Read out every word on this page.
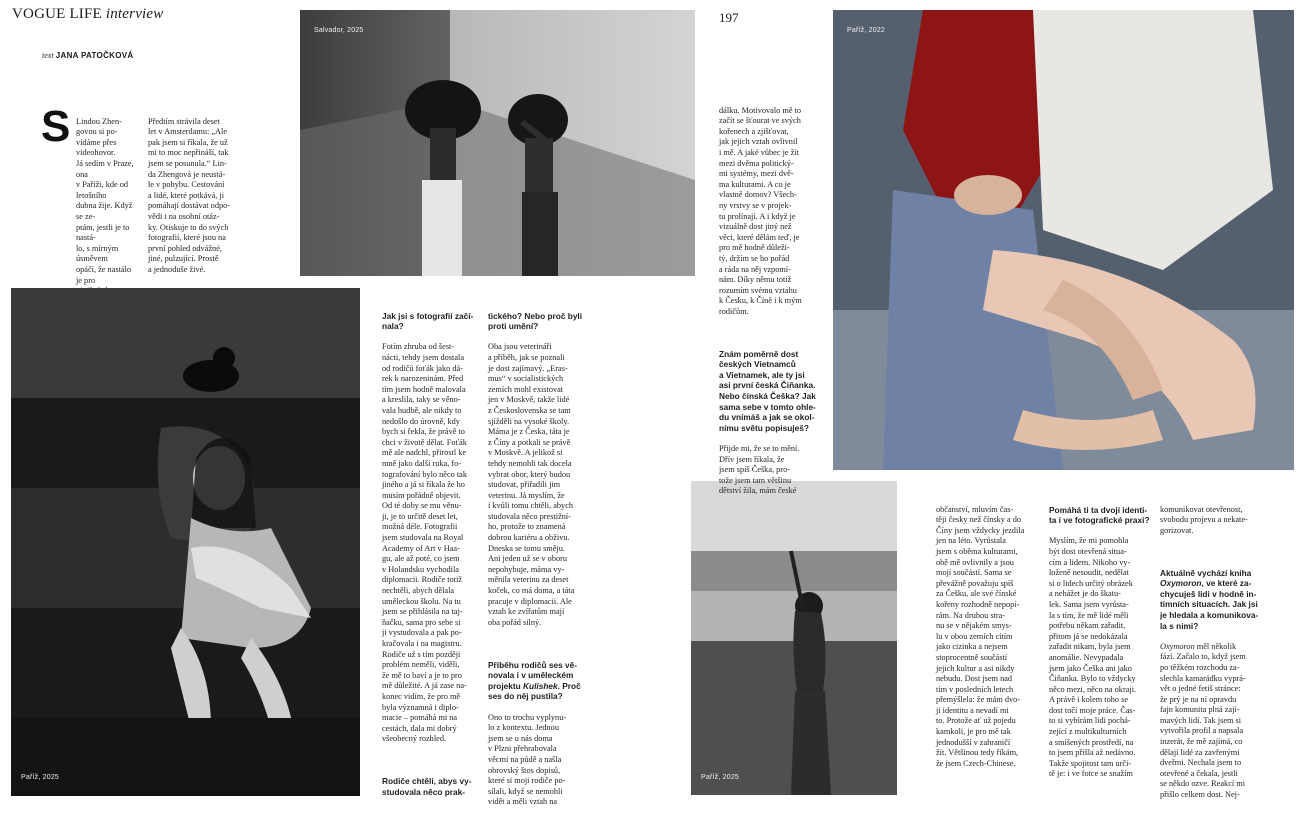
VOGUE LIFE interview
text JANA PATOČKOVÁ
197
S Lindou Zhen-
govou si po-
vídáme přes
videohovor.
Já sedím v Praze, ona
v Paříži, kde od letošního
dubna žije. Když se ze-
ptám, jestli je to nastá-
lo, s mírným úsměvem
opáčí, že nastálo je pro

Předtím strávila deset
let v Amsterdamu: „Ale
pak jsem si říkala, že už
mi to moc nepřináší, tak
jsem se posunula.“ Lin-
da Zhengová je neustá-
le v pohybu. Cestování
a lidé, které potkává, ji
pomáhají dostávat odpo-
vědi i na osobní otáz-
ky. Otiskuje to do svých
fotografií, které jsou na
první pohled odvážné,
jiné, pulzující. Prostě
a jednoduše živé.

Salvador, 2025	Paříž, 2022
Paříž, 2025	Paříž, 2025

Jak jsi s fotografií začí-
nala?

Fotím zhruba od šest-
nácti, tehdy jsem dostala
od rodičů foťák jako dá-
rek k narozeninám. Před
tím jsem hodně malovala
a kreslila, taky se věno-
vala hudbě, ale nikdy to
nedošlo do úrovně, kdy
bych si řekla, že právě to
chci v životě dělat. Foťák
mě ale nadchl, přirostl ke
mně jako další ruka, fo-
tografování bylo něco tak
jiného a já si říkala že ho
musím pořádně objevit.
Od té doby se mu věnu-
ji, je to určitě deset let,
možná déle. Fotografii
jsem studovala na Royal
Academy of Art v Haa-
gu, ale až poté, co jsem
v Holandsku vychodila
diplomacii. Rodiče totiž
nechtěli, abych dělala
uměleckou školu. Na tu
jsem se přihlásila na taj-
ňačku, sama pro sebe si
ji vystudovala a pak po-
kračovala i na magistru.
Rodiče už s tím později
problém neměli, viděli,
že mě to baví a je to pro
mě důležité. A já zase na-
konec vidím, že pro mě
byla významná i diplo-
macie – pomáhá mi na
cestách, dala mi dobrý
všeobecný rozhled.

Rodiče chtěli, abys vy-
studovala něco prak-

tického? Nebo proč byli
proti umění?

Oba jsou veterináři
a příběh, jak se poznali
je dost zajímavý. „Eras-
mus“ v socialistických
zemích mohl existovat
jen v Moskvě, takže lidé
z Československa se tam
sjížděli na vysoké školy.
Máma je z Česka, táta je
z Číny a potkali se právě
v Moskvě. A jelikož si
tehdy nemohli tak docela
vybrat obor, který budou
studovat, přiřadili jim
veterinu. Já myslím, že
i kvůli tomu chtěli, abych
studovala něco prestižní-
ho, protože to znamená
dobrou kariéru a obživu.
Dneska se tomu směju.
Ani jeden už se v oboru
nepohybuje, máma vy-
měnila veterinu za deset
koček, co má doma, a táta
pracuje v diplomacii. Ale
vztah ke zvířatům mají
oba pořád silný.

Příběhu rodičů ses vě-
novala i v uměleckém
projektu Kulishek. Proč
ses do něj pustila?

Ono to trochu vyplynu-
lo z kontextu. Jednou
jsem se u nás doma
v Plzni přehrabovala
věcmi na půdě a našla
obrovský štos dopisů,
které si moji rodiče po-
sílali, když se nemohli
vidět a měli vztah na

dálku. Motivovalo mě to
začít se šťourat ve svých
kořenech a zjišťovat,
jak jejich vztah ovlivnil
i mě. A jaké vůbec je žít
mezi dvěma politický-
mi systémy, mezi dvě-
ma kulturami. A co je
vlastně domov? Všech-
ny vrstvy se v projek-
tu prolínají. A i když je
vizuálně dost jiný než
věci, které dělám teď, je
pro mě hodně důleži-
tý, držím se ho pořád
a ráda na něj vzpomí-
nám. Díky němu totiž
rozumím svému vztahu
k Česku, k Číně i k mým
rodičům.

Znám poměrně dost
českých Vietnamců
a Vietnamek, ale ty jsi
asi první česká Čiňanka.
Nebo čínská Češka? Jak
sama sebe v tomto ohle-
du vnímáš a jak se okol-
nímu světu popisuješ?

Přijde mi, že se to mění.
Dřív jsem říkala, že
jsem spíš Češka, pro-
tože jsem tam většinu
dětství žila, mám české

občanství, mluvím čas-
těji česky než čínsky a do
Číny jsem vždycky jezdila
jen na léto. Vyrůstala
jsem s oběma kulturami,
obě mě ovlivnily a jsou
mojí součástí. Sama se
převážně považuju spíš
za Češku, ale své čínské
kořeny rozhodně nepopí-
rám. Na druhou stra-
nu se v nějakém smys-
lu v obou zemích cítím
jako cizinka a nejsem
stoprocentně součástí
jejich kultur a asi nikdy
nebudu. Dost jsem nad
tím v posledních letech
přemýšlela: že mám dvo-
ji identitu a nevadí mi
to. Protože ať už pojedu
kamkoli, je pro mě tak
jednodušší v zahraničí
žít. Většinou tedy říkám,
že jsem Czech-Chinese.

Pomáhá ti ta dvojí identi-
ta i ve fotografické praxi?

Myslím, že mi pomohla
být dost otevřená situa-
cím a lidem. Nikoho vy-
loženě nesoudit, nedělat
si o lidech určitý obrázek
a nehážet je do škatu-
lek. Sama jsem vyrůsta-
la s tím, že mě lidé měli
potřebu někam zařadit,
přitom já se nedokázala
zařadit nikam, byla jsem
anomálie. Nevypadala
jsem jako Češka ani jako
Čiňanka. Bylo to vždycky
něco mezi, něco na okraji.
A právě i kolem toho se
dost točí moje práce. Čas-
to si vybírám lidi pochá-
zející z multikulturních
a smíšených prostředí, na
to jsem přišla až nedávno.
Takže spojitost tam urči-
tě je: i ve fotce se snažím

komunikovat otevřenost,
svobodu projevu a nekate-
gorizovat.

Aktuálně vychází kniha
Oxymoron, ve které za-
chycuješ lidi v hodně in-
timních situacích. Jak jsi
je hledala a komunikova-
la s nimi?

Oxymoron měl několik
fází. Začalo to, když jsem
po těžkém rozchodu za-
slechla kamarádku vyprá-
vět o jedné fetiš stránce:
že prý je na ní opravdu
fajn komunita plná zají-
mavých lidí. Tak jsem si
vytvořila profil a napsala
inzerát, že mě zajímá, co
dělají lidé za zavřenými
dveřmi. Nechala jsem to
otevřené a čekala, jestli
se někdo ozve. Reakcí mi
přišlo celkem dost. Nej-
